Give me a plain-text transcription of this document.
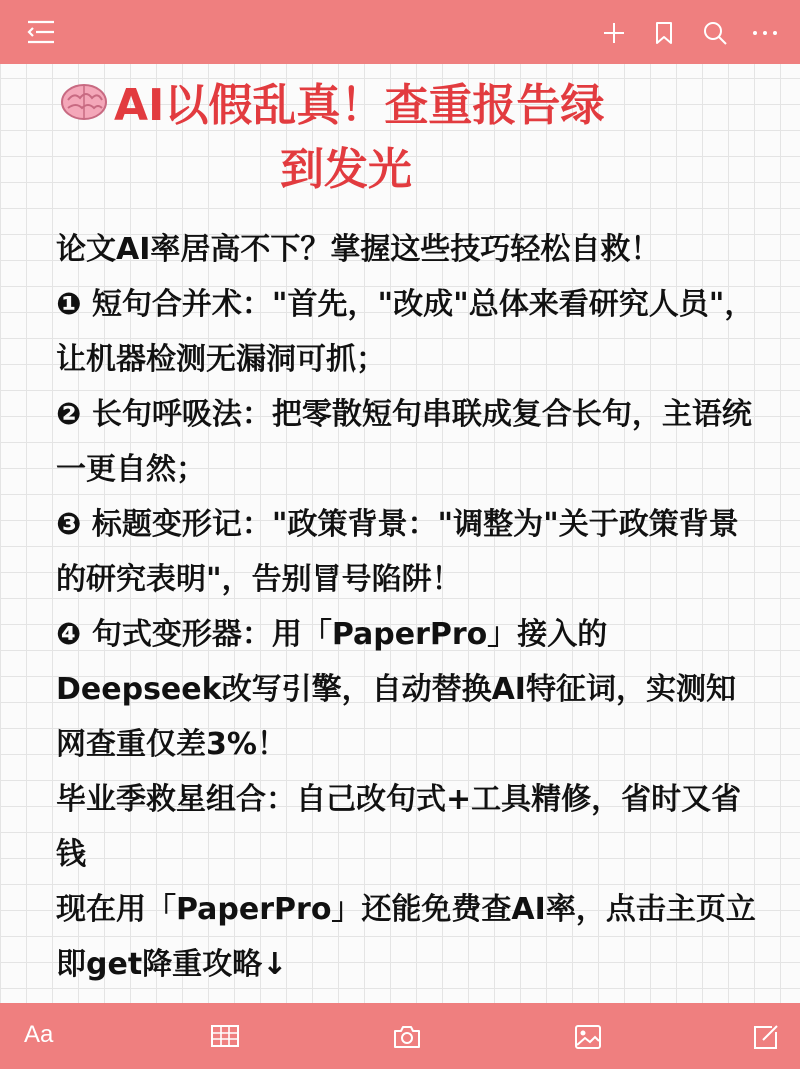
AI以假乱真！查重报告绿
到发光

论文AI率居高不下？掌握这些技巧轻松自救！

❶ 短句合并术："首先，"改成"总体来看研究人员"，让机器检测无漏洞可抓；

❷ 长句呼吸法：把零散短句串联成复合长句，主语统一更自然；

❸ 标题变形记："政策背景："调整为"关于政策背景的研究表明"，告别冒号陷阱！

❹ 句式变形器：用「PaperPro」接入的Deepseek改写引擎，自动替换AI特征词，实测知网查重仅差3%！

毕业季救星组合：自己改句式+工具精修，省时又省钱

现在用「PaperPro」还能免费查AI率，点击主页立即get降重攻略↓

Aa
